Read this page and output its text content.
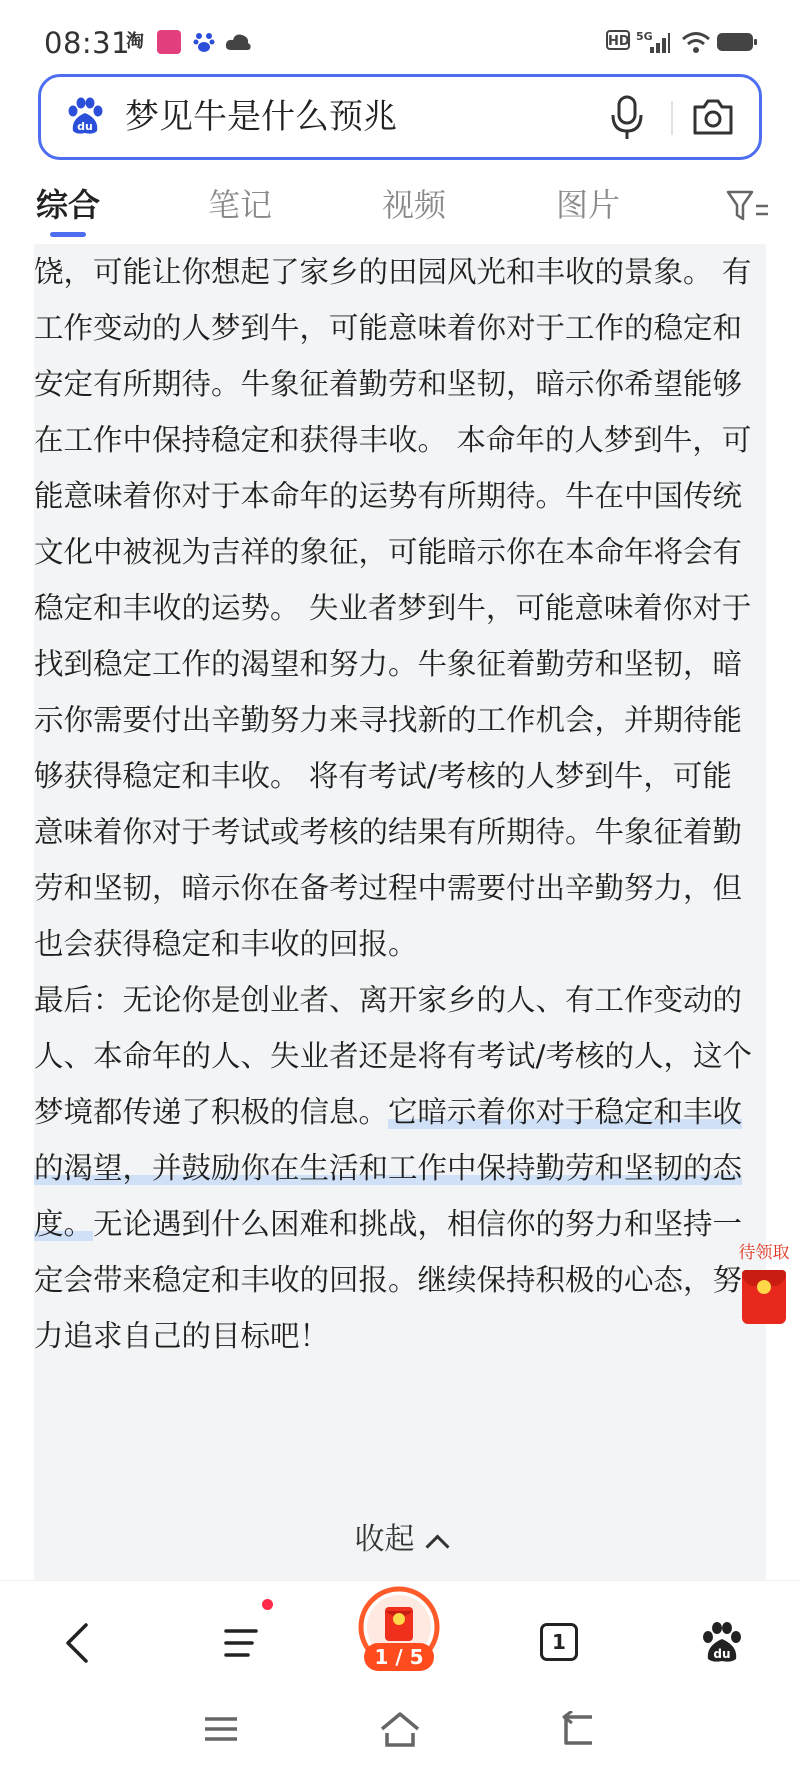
08:31
淘	HD 5G
du 梦见牛是什么预兆
综合	笔记	视频	图片

饶，可能让你想起了家乡的田园风光和丰收的景象。 有工作变动的人梦到牛，可能意味着你对于工作的稳定和安定有所期待。牛象征着勤劳和坚韧，暗示你希望能够在工作中保持稳定和获得丰收。 本命年的人梦到牛，可能意味着你对于本命年的运势有所期待。牛在中国传统文化中被视为吉祥的象征，可能暗示你在本命年将会有稳定和丰收的运势。 失业者梦到牛，可能意味着你对于找到稳定工作的渴望和努力。牛象征着勤劳和坚韧，暗示你需要付出辛勤努力来寻找新的工作机会，并期待能够获得稳定和丰收。 将有考试/考核的人梦到牛，可能意味着你对于考试或考核的结果有所期待。牛象征着勤劳和坚韧，暗示你在备考过程中需要付出辛勤努力，但也会获得稳定和丰收的回报。

最后：无论你是创业者、离开家乡的人、有工作变动的人、本命年的人、失业者还是将有考试/考核的人，这个梦境都传递了积极的信息。它暗示着你对于稳定和丰收的渴望，并鼓励你在生活和工作中保持勤劳和坚韧的态度。无论遇到什么困难和挑战，相信你的努力和坚持一定会带来稳定和丰收的回报。继续保持积极的心态，努力追求自己的目标吧！

收起
待领取
1 / 5
1	du
